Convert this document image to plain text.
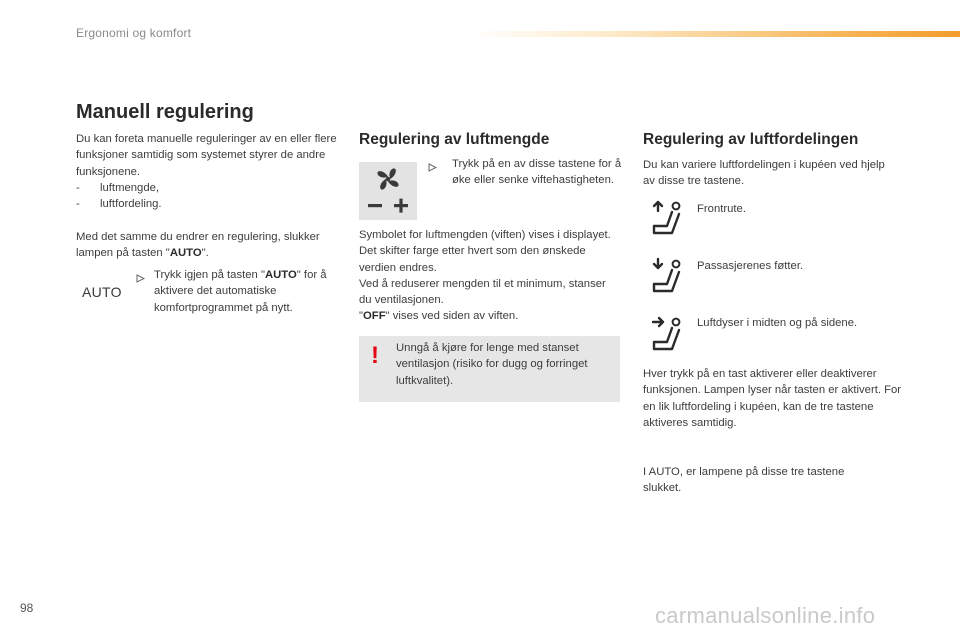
Ergonomi og komfort
Manuell regulering
Du kan foreta manuelle reguleringer av en eller flere funksjoner samtidig som systemet styrer de andre funksjonene.
- luftmengde,
- luftfordeling.
Med det samme du endrer en regulering, slukker lampen på tasten "AUTO".
AUTO
Trykk igjen på tasten "AUTO" for å aktivere det automatiske komfortprogrammet på nytt.
Regulering av luftmengde
Trykk på en av disse tastene for å øke eller senke viftehastigheten.
Symbolet for luftmengden (viften) vises i displayet. Det skifter farge etter hvert som den ønskede verdien endres.
Ved å reduserer mengden til et minimum, stanser du ventilasjonen.
"OFF" vises ved siden av viften.
! Unngå å kjøre for lenge med stanset ventilasjon (risiko for dugg og forringet luftkvalitet).
Regulering av luftfordelingen
Du kan variere luftfordelingen i kupéen ved hjelp av disse tre tastene.
Frontrute.
Passasjerenes føtter.
Luftdyser i midten og på sidene.
Hver trykk på en tast aktiverer eller deaktiverer funksjonen. Lampen lyser når tasten er aktivert. For en lik luftfordeling i kupéen, kan de tre tastene aktiveres samtidig.
I AUTO, er lampene på disse tre tastene slukket.
98	carmanualsonline.info
